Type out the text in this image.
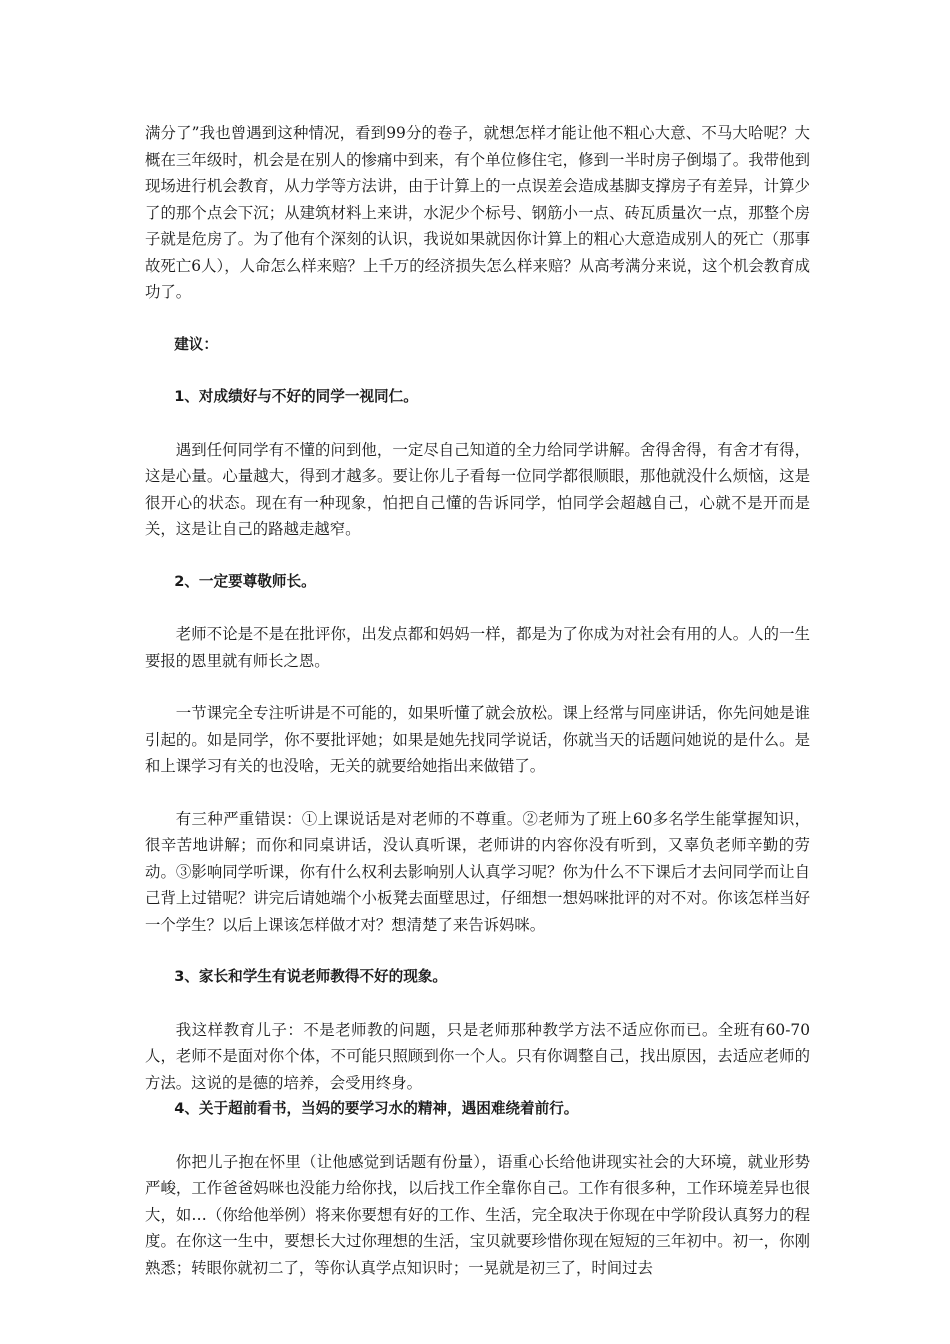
满分了”我也曾遇到这种情况，看到99分的卷子，就想怎样才能让他不粗心大意、不马大哈呢？大概在三年级时，机会是在别人的惨痛中到来，有个单位修住宅，修到一半时房子倒塌了。我带他到现场进行机会教育，从力学等方法讲，由于计算上的一点误差会造成基脚支撑房子有差异，计算少了的那个点会下沉；从建筑材料上来讲，水泥少个标号、钢筋小一点、砖瓦质量次一点，那整个房子就是危房了。为了他有个深刻的认识，我说如果就因你计算上的粗心大意造成别人的死亡（那事故死亡6人），人命怎么样来赔？上千万的经济损失怎么样来赔？从高考满分来说，这个机会教育成功了。

建议：

1、对成绩好与不好的同学一视同仁。

遇到任何同学有不懂的问到他，一定尽自己知道的全力给同学讲解。舍得舍得，有舍才有得，这是心量。心量越大，得到才越多。要让你儿子看每一位同学都很顺眼，那他就没什么烦恼，这是很开心的状态。现在有一种现象，怕把自己懂的告诉同学，怕同学会超越自己，心就不是开而是关，这是让自己的路越走越窄。

2、一定要尊敬师长。

老师不论是不是在批评你，出发点都和妈妈一样，都是为了你成为对社会有用的人。人的一生要报的恩里就有师长之恩。

一节课完全专注听讲是不可能的，如果听懂了就会放松。课上经常与同座讲话，你先问她是谁引起的。如是同学，你不要批评她；如果是她先找同学说话，你就当天的话题问她说的是什么。是和上课学习有关的也没啥，无关的就要给她指出来做错了。

有三种严重错误：①上课说话是对老师的不尊重。②老师为了班上60多名学生能掌握知识，很辛苦地讲解；而你和同桌讲话，没认真听课，老师讲的内容你没有听到，又辜负老师辛勤的劳动。③影响同学听课，你有什么权利去影响别人认真学习呢？你为什么不下课后才去问同学而让自己背上过错呢？讲完后请她端个小板凳去面壁思过，仔细想一想妈咪批评的对不对。你该怎样当好一个学生？以后上课该怎样做才对？想清楚了来告诉妈咪。

3、家长和学生有说老师教得不好的现象。

我这样教育儿子：不是老师教的问题，只是老师那种教学方法不适应你而已。全班有60-70人，老师不是面对你个体，不可能只照顾到你一个人。只有你调整自己，找出原因，去适应老师的方法。这说的是德的培养，会受用终身。

4、关于超前看书，当妈的要学习水的精神，遇困难绕着前行。

你把儿子抱在怀里（让他感觉到话题有份量），语重心长给他讲现实社会的大环境，就业形势严峻，工作爸爸妈咪也没能力给你找，以后找工作全靠你自己。工作有很多种，工作环境差异也很大，如…（你给他举例）将来你要想有好的工作、生活，完全取决于你现在中学阶段认真努力的程度。在你这一生中，要想长大过你理想的生活，宝贝就要珍惜你现在短短的三年初中。初一，你刚熟悉；转眼你就初二了，等你认真学点知识时；一晃就是初三了，时间过去
